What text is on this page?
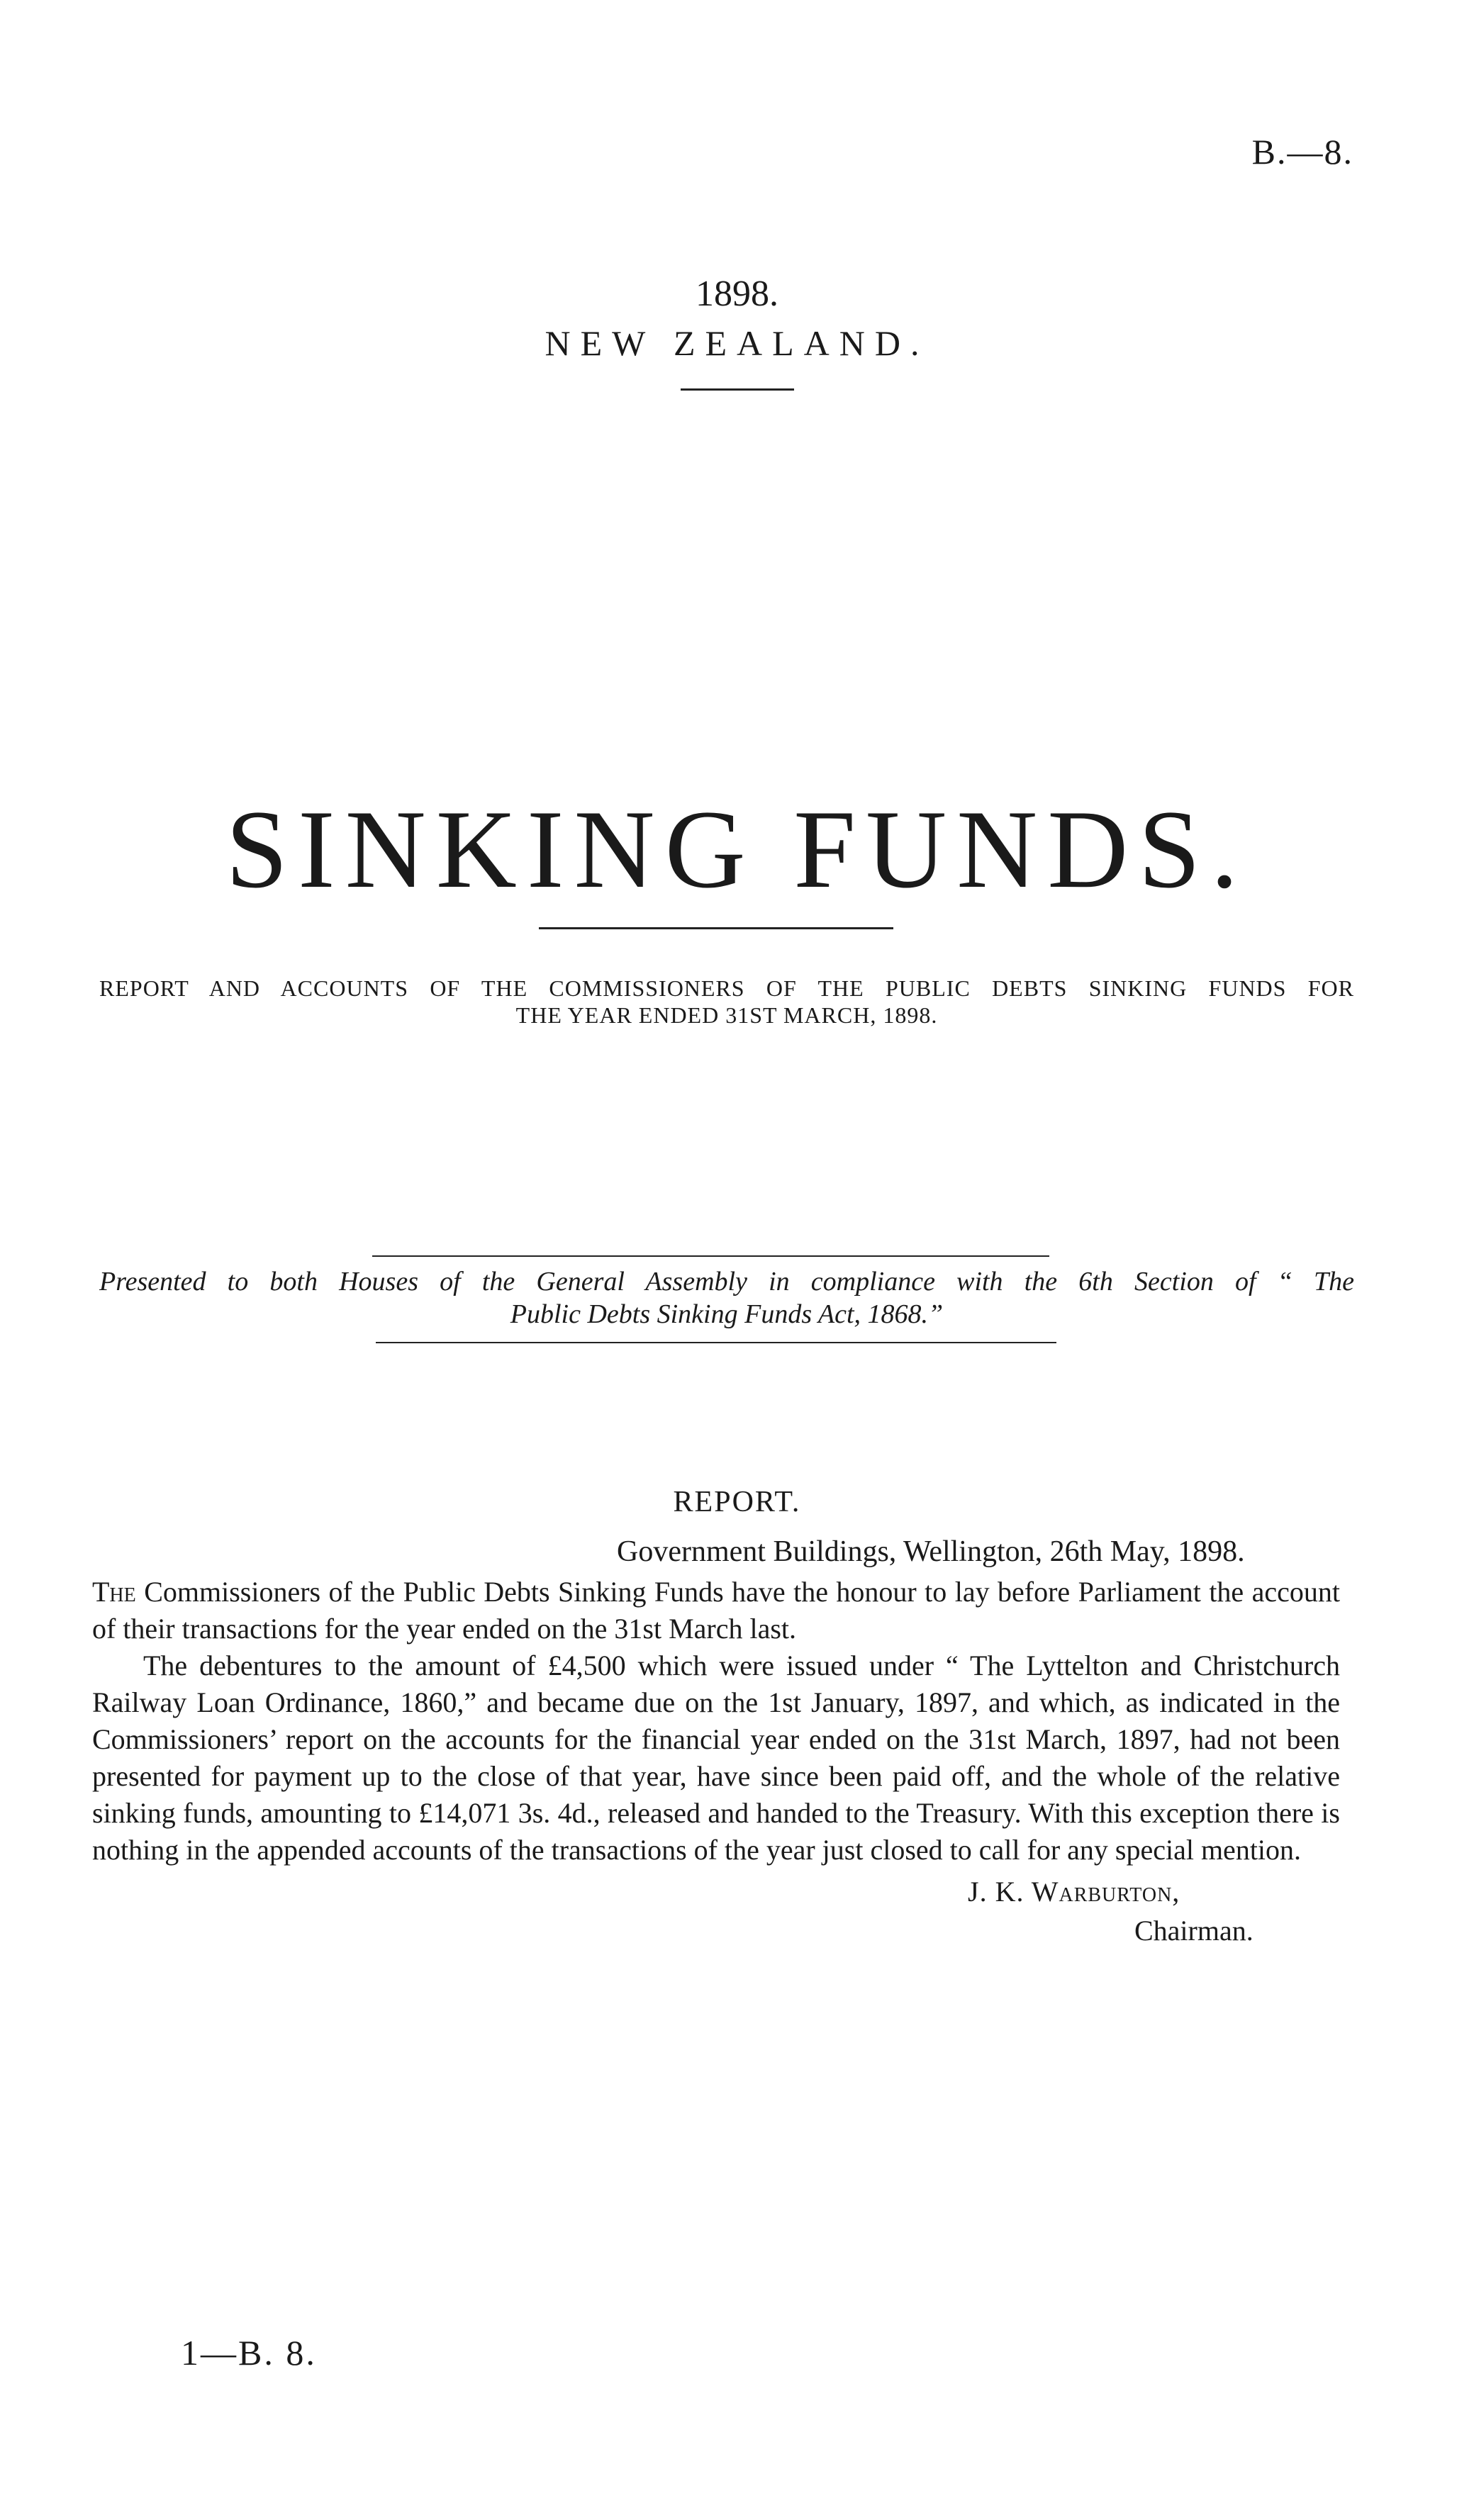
B.—8.
1898.
NEW ZEALAND.
SINKING FUNDS.
REPORT AND ACCOUNTS OF THE COMMISSIONERS OF THE PUBLIC DEBTS SINKING FUNDS FOR
THE YEAR ENDED 31ST MARCH, 1898.
Presented to both Houses of the General Assembly in compliance with the 6th Section of “ The
Public Debts Sinking Funds Act, 1868.”
REPORT.
Government Buildings, Wellington, 26th May, 1898.

The Commissioners of the Public Debts Sinking Funds have the honour to lay before Parliament the account of their transactions for the year ended on the 31st March last.

The debentures to the amount of £4,500 which were issued under “ The Lyttelton and Christchurch Railway Loan Ordinance, 1860,” and became due on the 1st January, 1897, and which, as indicated in the Commissioners’ report on the accounts for the financial year ended on the 31st March, 1897, had not been presented for payment up to the close of that year, have since been paid off, and the whole of the relative sinking funds, amounting to £14,071 3s. 4d., released and handed to the Treasury. With this exception there is nothing in the appended accounts of the transactions of the year just closed to call for any special mention.

J. K. Warburton,
Chairman.
1—B. 8.
